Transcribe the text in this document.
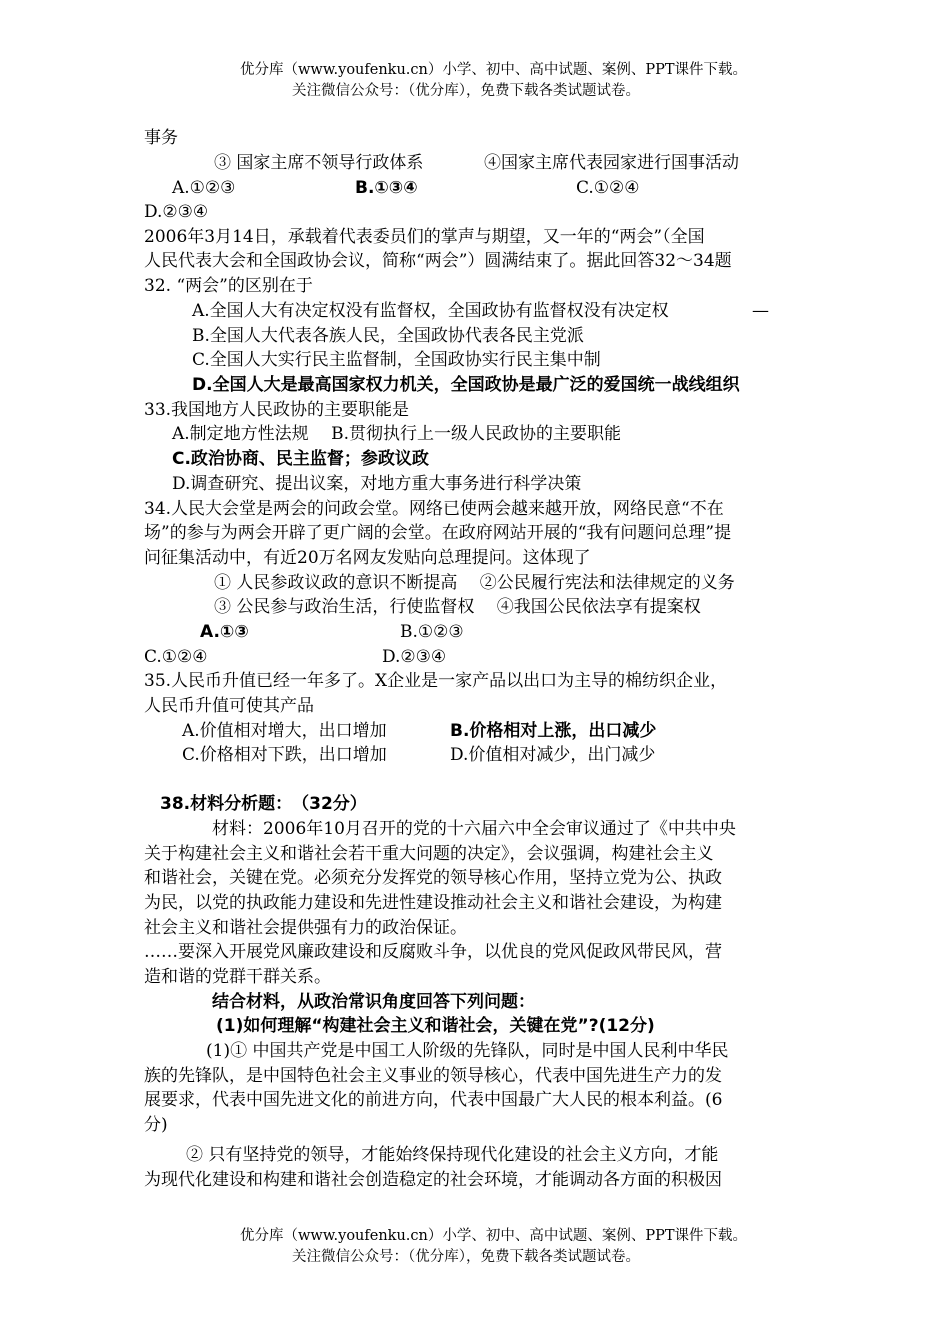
优分库（www.youfenku.cn）小学、初中、高中试题、案例、PPT课件下载。
关注微信公众号：（优分库），免费下载各类试题试卷。
事务
③ 国家主席不领导行政体系	④国家主席代表园家进行国事活动
A.①②③	B.①③④	C.①②④
D.②③④
2006年3月14日，承载着代表委员们的掌声与期望，又一年的“两会”（全国
人民代表大会和全国政协会议，简称“两会”）圆满结束了。据此回答32～34题
32. “两会”的区别在于
A.全国人大有决定权没有监督权，全国政协有监督权没有决定权	—
B.全国人大代表各族人民，全国政协代表各民主党派
C.全国人大实行民主监督制，全国政协实行民主集中制
D.全国人大是最高国家权力机关，全国政协是最广泛的爱国统一战线组织
33.我国地方人民政协的主要职能是
A.制定地方性法规　 B.贯彻执行上一级人民政协的主要职能
C.政治协商、民主监督；参政议政
D.调查研究、提出议案，对地方重大事务进行科学决策
34.人民大会堂是两会的问政会堂。网络已使两会越来越开放，网络民意“不在
场”的参与为两会开辟了更广阔的会堂。在政府网站开展的“我有问题问总理”提
问征集活动中，有近20万名网友发贴向总理提问。这体现了
① 人民参政议政的意识不断提高　 ②公民履行宪法和法律规定的义务
③ 公民参与政治生活，行使监督权　 ④我国公民依法享有提案权
A.①③	B.①②③
C.①②④	D.②③④
35.人民币升值已经一年多了。X企业是一家产品以出口为主导的棉纺织企业，
人民币升值可使其产品
A.价值相对增大，出口增加	B.价格相对上涨，出口减少
C.价格相对下跌，出口增加	D.价值相对减少，出门减少
38.材料分析题：　（32分）
材料：2006年10月召开的党的十六届六中全会审议通过了《中共中央
关于构建社会主义和谐社会若干重大问题的决定》，会议强调，构建社会主义
和谐社会，关键在党。必须充分发挥党的领导核心作用，坚持立党为公、执政
为民，以党的执政能力建设和先进性建设推动社会主义和谐社会建设，为构建
社会主义和谐社会提供强有力的政治保证。
……要深入开展党风廉政建设和反腐败斗争，以优良的党风促政风带民风，营
造和谐的党群干群关系。
结合材料，从政治常识角度回答下列问题：
(1)如何理解“构建社会主义和谐社会，关键在党”?(12分)
(1)① 中国共产党是中国工人阶级的先锋队，同时是中国人民利中华民
族的先锋队，是中国特色社会主义事业的领导核心，代表中国先进生产力的发
展要求，代表中国先进文化的前进方向，代表中国最广大人民的根本利益。(6
分)
② 只有坚持党的领导，才能始终保持现代化建设的社会主义方向，才能
为现代化建设和构建和谐社会创造稳定的社会环境，才能调动各方面的积极因
优分库（www.youfenku.cn）小学、初中、高中试题、案例、PPT课件下载。
关注微信公众号：（优分库），免费下载各类试题试卷。
